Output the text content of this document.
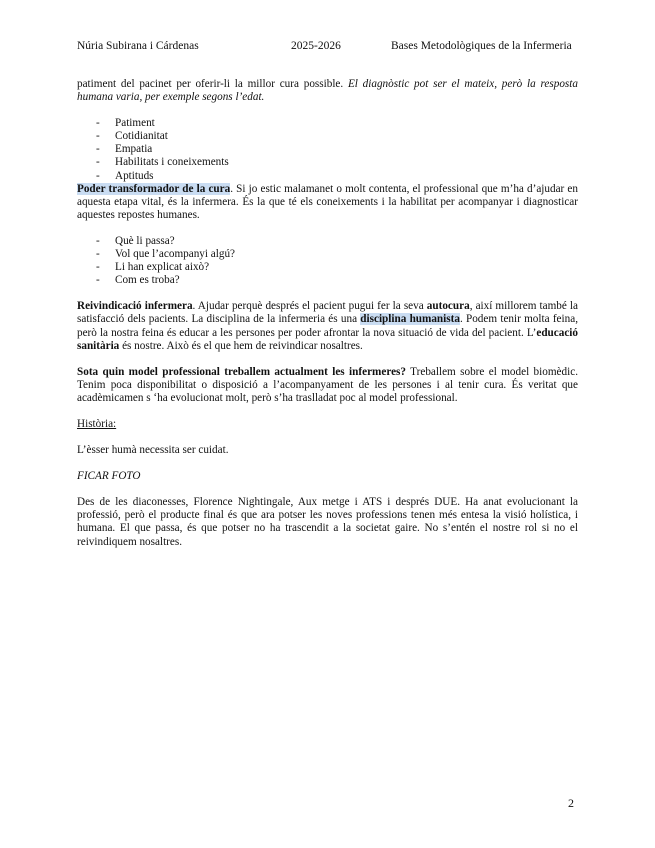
Núria Subirana i Cárdenas	2025-2026	Bases Metodològiques de la Infermeria

patiment del pacinet per oferir-li la millor cura possible. El diagnòstic pot ser el mateix, però la resposta humana varia, per exemple segons l’edat.

- Patiment
- Cotidianitat
- Empatia
- Habilitats i coneixements
- Aptituds

Poder transformador de la cura. Si jo estic malamanet o molt contenta, el professional que m’ha d’ajudar en aquesta etapa vital, és la infermera. És la que té els coneixements i la habilitat per acompanyar i diagnosticar aquestes repostes humanes.

- Què li passa?
- Vol que l’acompanyi algú?
- Li han explicat això?
- Com es troba?

Reivindicació infermera. Ajudar perquè després el pacient pugui fer la seva autocura, així millorem també la satisfacció dels pacients. La disciplina de la infermeria és una disciplina humanista. Podem tenir molta feina, però la nostra feina és educar a les persones per poder afrontar la nova situació de vida del pacient. L’educació sanitària és nostre. Això és el que hem de reivindicar nosaltres.

Sota quin model professional treballem actualment les infermeres? Treballem sobre el model biomèdic. Tenim poca disponibilitat o disposició a l’acompanyament de les persones i al tenir cura. És veritat que acadèmicamen s ‘ha evolucionat molt, però s’ha traslladat poc al model professional.

Història:

L’èsser humà necessita ser cuidat.

FICAR FOTO

Des de les diaconesses, Florence Nightingale, Aux metge i ATS i després DUE. Ha anat evolucionant la professió, però el producte final és que ara potser les noves professions tenen més entesa la visió holística, i humana. El que passa, és que potser no ha trascendit a la societat gaire. No s’entén el nostre rol si no el reivindiquem nosaltres.

2
